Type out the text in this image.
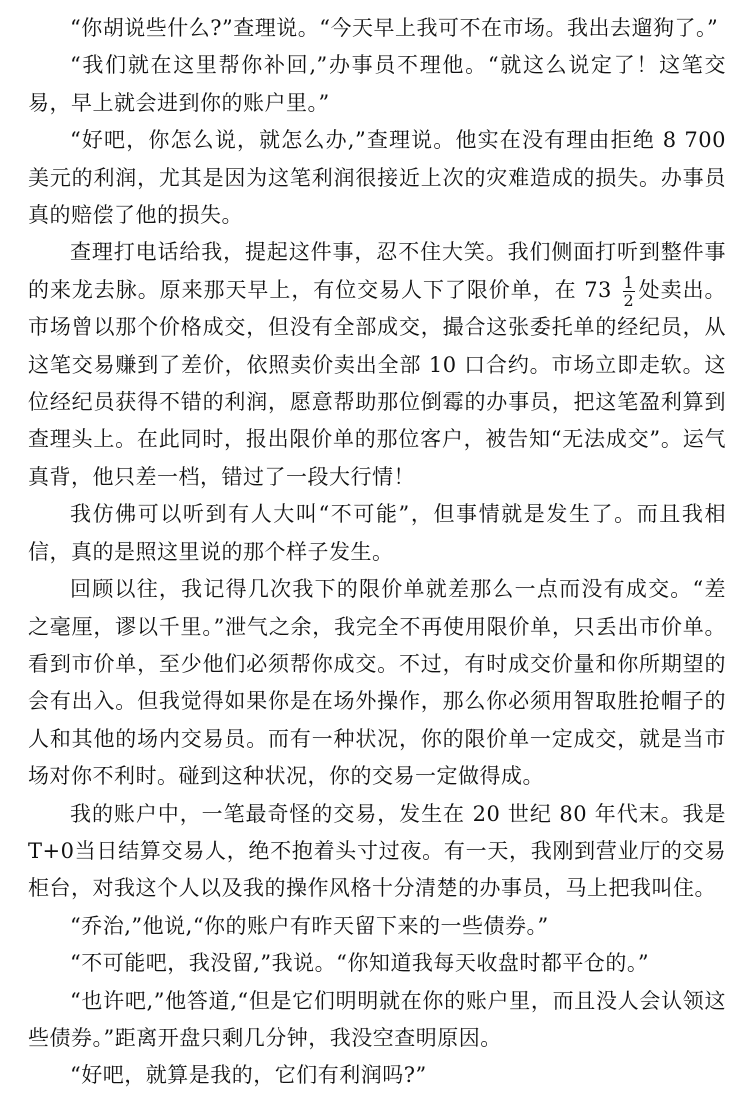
“你胡说些什么?”查理说。“今天早上我可不在市场。我出去遛狗了。”

“我们就在这里帮你补回,”办事员不理他。“就这么说定了！这笔交易，早上就会进到你的账户里。”

“好吧，你怎么说，就怎么办,”查理说。他实在没有理由拒绝 8 700 美元的利润，尤其是因为这笔利润很接近上次的灾难造成的损失。办事员真的赔偿了他的损失。

查理打电话给我，提起这件事，忍不住大笑。我们侧面打听到整件事的来龙去脉。原来那天早上，有位交易人下了限价单，在 $73 \frac{1}{2}$ 处卖出。市场曾以那个价格成交，但没有全部成交，撮合这张委托单的经纪员，从这笔交易赚到了差价，依照卖价卖出全部 10 口合约。市场立即走软。这位经纪员获得不错的利润，愿意帮助那位倒霉的办事员，把这笔盈利算到查理头上。在此同时，报出限价单的那位客户，被告知“无法成交”。运气真背，他只差一档，错过了一段大行情！

我仿佛可以听到有人大叫“不可能”，但事情就是发生了。而且我相信，真的是照这里说的那个样子发生。

回顾以往，我记得几次我下的限价单就差那么一点而没有成交。“差之毫厘，谬以千里。”泄气之余，我完全不再使用限价单，只丢出市价单。看到市价单，至少他们必须帮你成交。不过，有时成交价量和你所期望的会有出入。但我觉得如果你是在场外操作，那么你必须用智取胜抢帽子的人和其他的场内交易员。而有一种状况，你的限价单一定成交，就是当市场对你不利时。碰到这种状况，你的交易一定做得成。

我的账户中，一笔最奇怪的交易，发生在 20 世纪 80 年代末。我是 T+0当日结算交易人，绝不抱着头寸过夜。有一天，我刚到营业厅的交易柜台，对我这个人以及我的操作风格十分清楚的办事员，马上把我叫住。

“乔治,”他说,“你的账户有昨天留下来的一些债券。”

“不可能吧，我没留,”我说。“你知道我每天收盘时都平仓的。”

“也许吧,”他答道,“但是它们明明就在你的账户里，而且没人会认领这些债券。”距离开盘只剩几分钟，我没空查明原因。

“好吧，就算是我的，它们有利润吗?”
